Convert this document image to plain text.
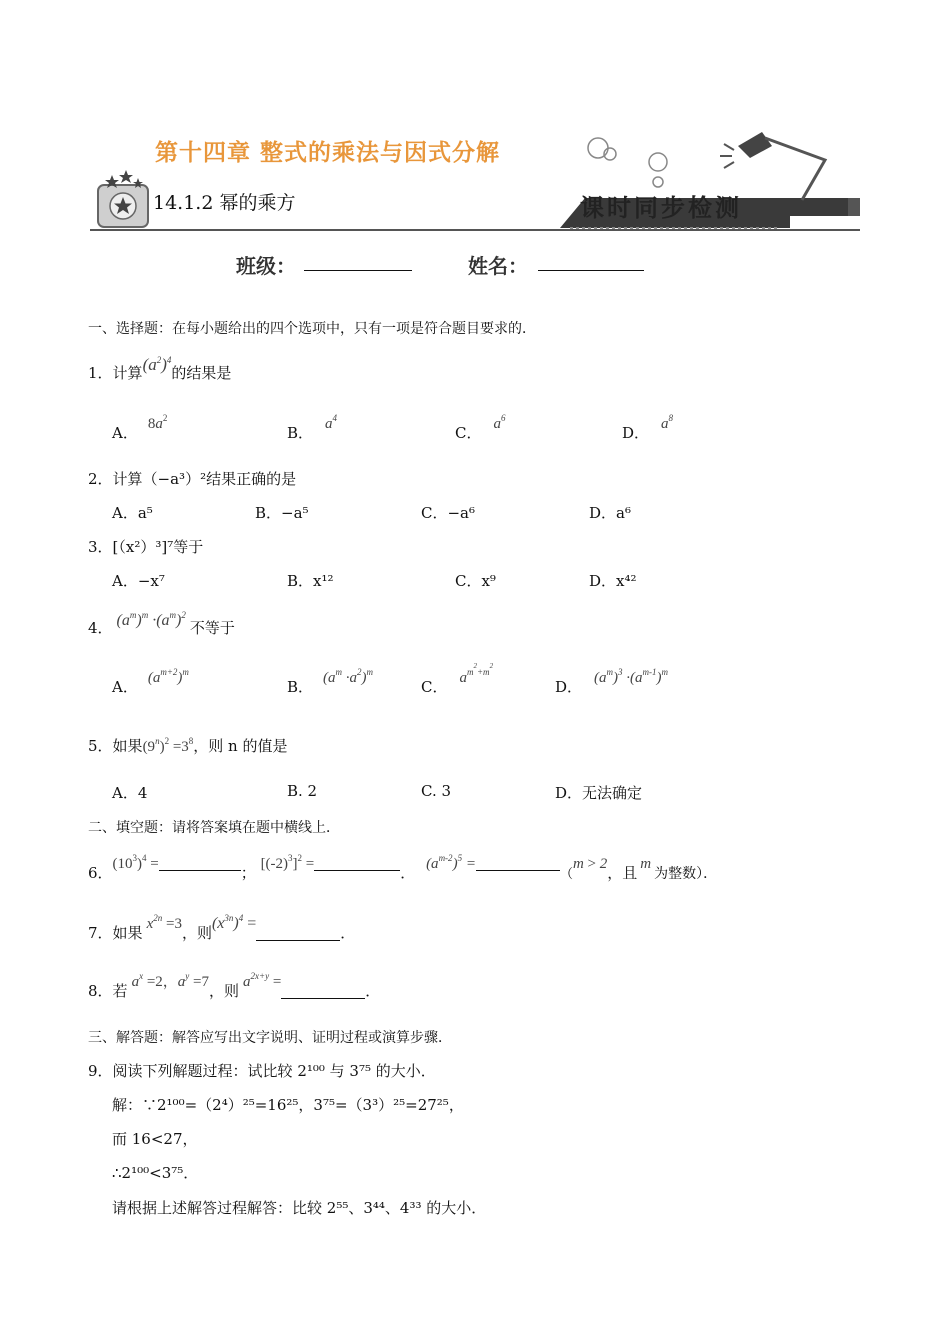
第十四章 整式的乘法与因式分解
14.1.2 幂的乘方	课时同步检测
班级：	姓名：
一、选择题：在每小题给出的四个选项中，只有一项是符合题目要求的．
1．计算$(a^2)^4$的结果是
A． $8a^2$
B． $a^4$
C． $a^6$
D． $a^8$
2．计算（−a³）²结果正确的是
A．a⁵	B．−a⁵	C．−a⁶	D．a⁶
3．[（x²）³]⁷等于
A．−x⁷	B．x¹²	C．x⁹	D．x⁴²
4． $(a^m)^m \cdot(a^m)^2$不等于
A． $(a^{m+2})^m$
B． $(a^m \cdot a^2)^m$
C． $a^{m^2+m^2}$
D． $(a^m)^3 \cdot(a^{m-1})^m$
5．如果$(9^n)^2 =3^8$，则 n 的值是
A．4	B. 2	C. 3	D．无法确定
二、填空题：请将答案填在题中横线上．
6．$(10^3)^4$ =	； $[(-2)^3]^2$ =	． $(a^{m-2})^5 =(m > 2$，且 m为整数）．
7．如果 $x^{2n} =3$，则$(x^{3n})^4$ =．
8．若 $a^x =2$，$a^y =7$，则 $a^{2x+y}$ =	．
三、解答题：解答应写出文字说明、证明过程或演算步骤．
9．阅读下列解题过程：试比较 2¹⁰⁰ 与 3⁷⁵ 的大小．
解：∵2¹⁰⁰=（2⁴）²⁵=16²⁵，3⁷⁵=（3³）²⁵=27²⁵，
而 16<27，
∴2¹⁰⁰<3⁷⁵．
请根据上述解答过程解答：比较 2⁵⁵、3⁴⁴、4³³ 的大小．
